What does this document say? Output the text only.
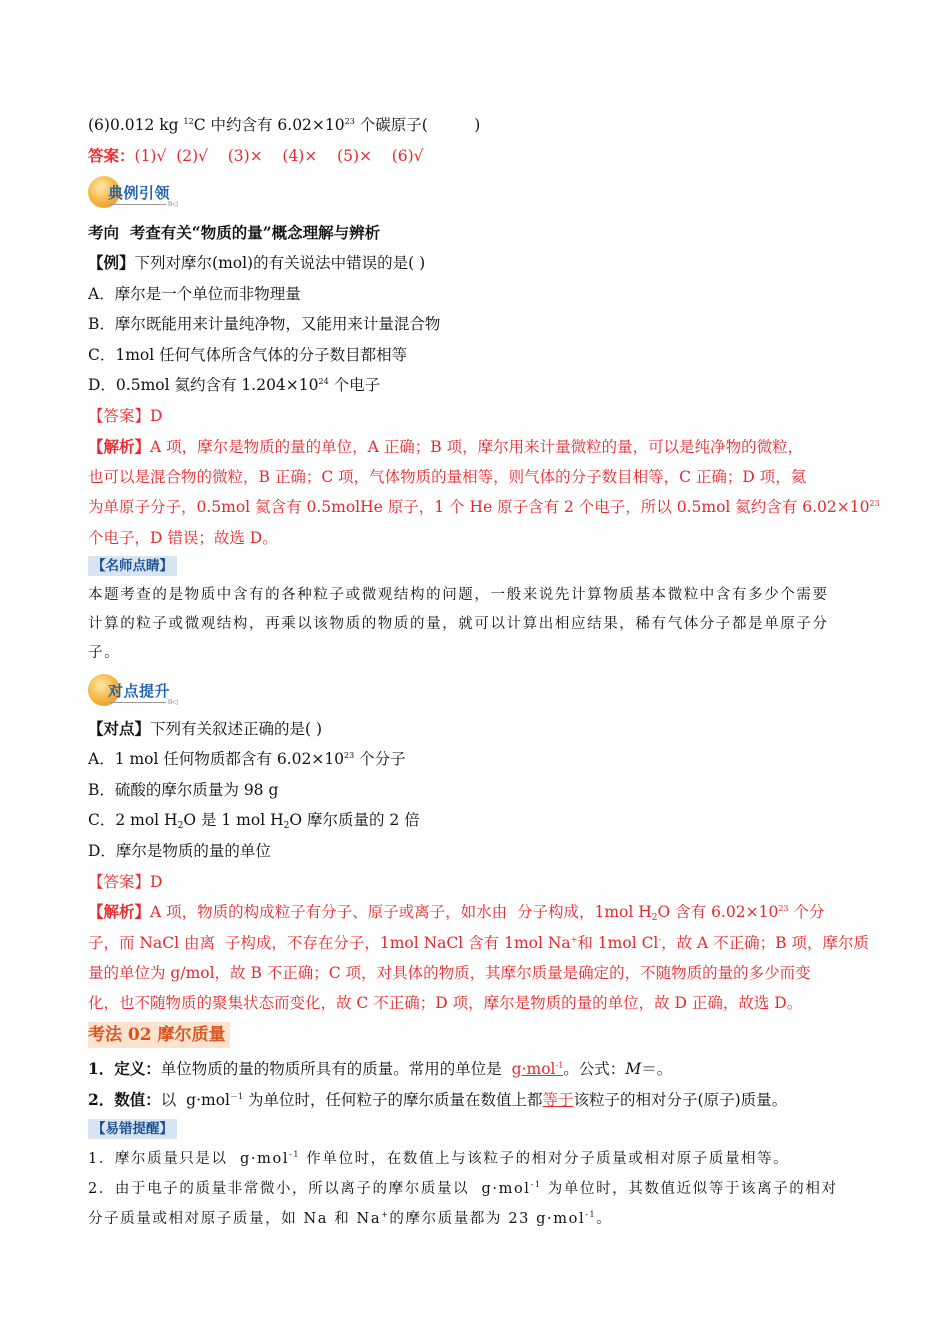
(6)0.012 kg $^{12}$C 中约含有 $6.02\times 10^{23}$ 个碳原子(　　　)
答案：(1)√  (2)√    (3)×    (4)×    (5)×    (6)√
典例引领
II◁
考向  考查有关“物质的量”概念理解与辨析
【例】下列对摩尔(mol)的有关说法中错误的是( )
A．摩尔是一个单位而非物理量
B．摩尔既能用来计量纯净物，又能用来计量混合物
C．1mol 任何气体所含气体的分子数目都相等
D．0.5mol 氦约含有 $1.204\times 10^{24}$ 个电子
【答案】D
【解析】A 项，摩尔是物质的量的单位，A 正确；B 项，摩尔用来计量微粒的量，可以是纯净物的微粒，
也可以是混合物的微粒，B 正确；C 项，气体物质的量相等，则气体的分子数目相等，C 正确；D 项，氦
为单原子分子，0.5mol 氦含有 0.5molHe 原子，1 个 He 原子含有 2 个电子，所以 0.5mol 氦约含有 $6.02\times 10^{23}$
个电子，D 错误；故选 D。
【名师点睛】
本题考查的是物质中含有的各种粒子或微观结构的问题，一般来说先计算物质基本微粒中含有多少个需要
计算的粒子或微观结构，再乘以该物质的物质的量，就可以计算出相应结果，稀有气体分子都是单原子分
子。
对点提升
II◁
【对点】下列有关叙述正确的是( )
A．1 mol 任何物质都含有 $6.02\times 10^{23}$ 个分子
B．硫酸的摩尔质量为 98 g
C．2 mol $H_2O$ 是 1 mol $H_2O$ 摩尔质量的 2 倍
D．摩尔是物质的量的单位
【答案】D
【解析】A 项，物质的构成粒子有分子、原子或离子，如水由  分子构成，1mol $H_2O$ 含有 $6.02\times 10^{23}$ 个分
子，而 NaCl 由离  子构成，不存在分子，1mol NaCl 含有 1mol Na+和 1mol Cl-，故 A 不正确；B 项，摩尔质
量的单位为 g/mol，故 B 不正确；C 项，对具体的物质，其摩尔质量是确定的，不随物质的量的多少而变
化，也不随物质的聚集状态而变化，故 C 不正确；D 项，摩尔是物质的量的单位，故 D 正确，故选 D。
考法 02 摩尔质量
1．定义：单位物质的量的物质所具有的质量。常用的单位是  g·mol$^{-1}$。公式：M＝。
2．数值：以  g·mol$^{-1}$ 为单位时，任何粒子的摩尔质量在数值上都等于该粒子的相对分子(原子)质量。
【易错提醒】
1．摩尔质量只是以  g·mol$^{-1}$ 作单位时，在数值上与该粒子的相对分子质量或相对原子质量相等。
2．由于电子的质量非常微小，所以离子的摩尔质量以  g·mol$^{-1}$ 为单位时，其数值近似等于该离子的相对
分子质量或相对原子质量，如 Na 和 Na+的摩尔质量都为 23 g·mol$^{-1}$。
